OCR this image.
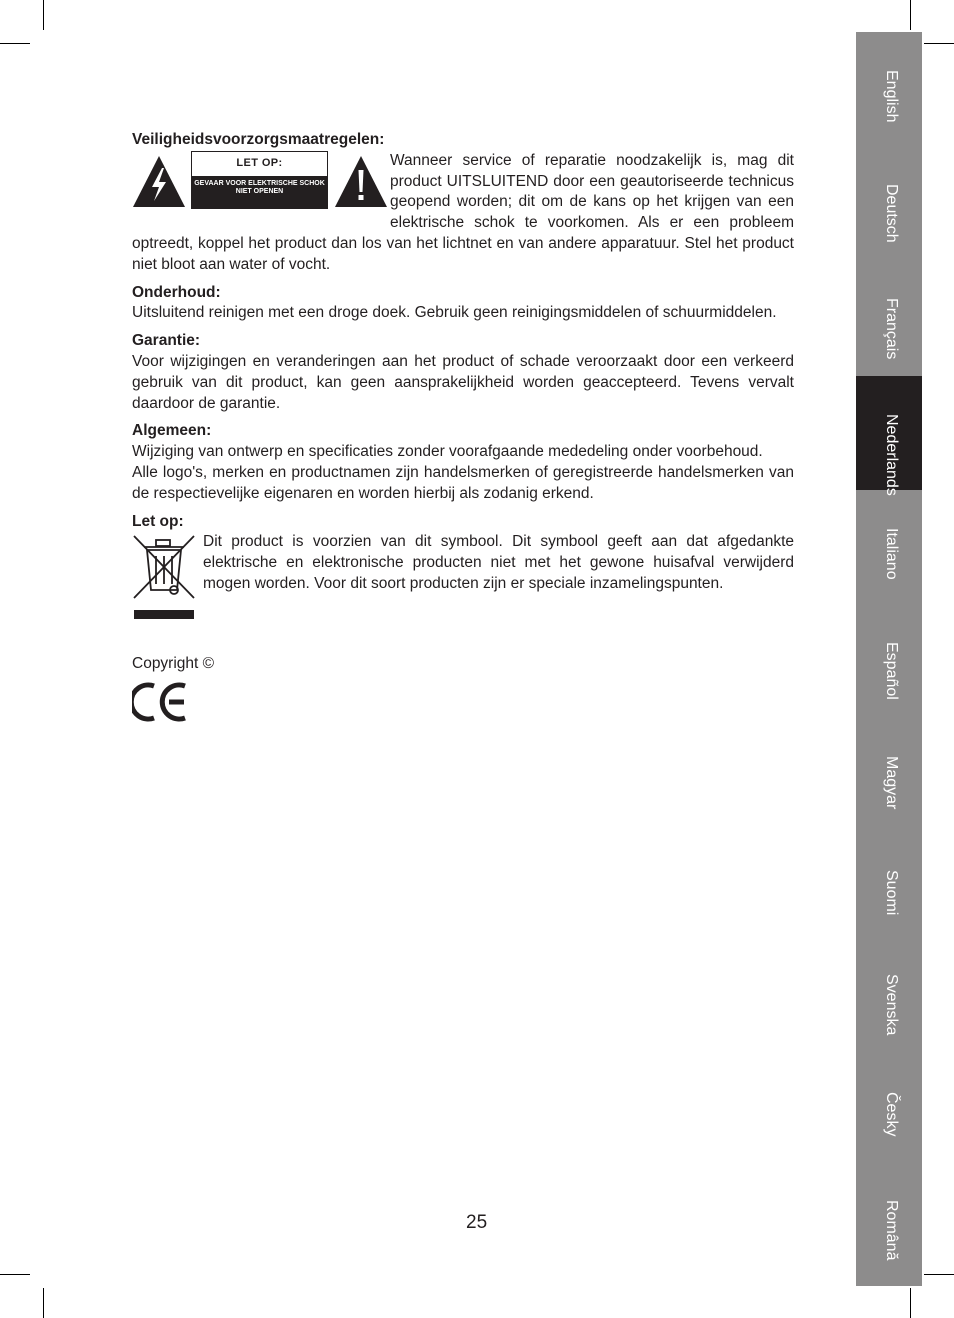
Veiligheidsvoorzorgsmaatregelen:

LET OP:
GEVAAR VOOR ELEKTRISCHE SCHOK NIET OPENEN

Wanneer service of reparatie noodzakelijk is, mag dit product UITSLUITEND door een geautoriseerde technicus geopend worden; dit om de kans op het krijgen van een elektrische schok te voorkomen. Als er een probleem optreedt, koppel het product dan los van het lichtnet en van andere apparatuur. Stel het product niet bloot aan water of vocht.

Onderhoud:

Uitsluitend reinigen met een droge doek. Gebruik geen reinigingsmiddelen of schuurmiddelen.

Garantie:

Voor wijzigingen en veranderingen aan het product of schade veroorzaakt door een verkeerd gebruik van dit product, kan geen aansprakelijkheid worden geaccepteerd. Tevens vervalt daardoor de garantie.

Algemeen:

Wijziging van ontwerp en specificaties zonder voorafgaande mededeling onder voorbehoud.

Alle logo's, merken en productnamen zijn handelsmerken of geregistreerde handelsmerken van de respectievelijke eigenaren en worden hierbij als zodanig erkend.

Let op:

Dit product is voorzien van dit symbool. Dit symbool geeft aan dat afgedankte elektrische en elektronische producten niet met het gewone huisafval verwijderd mogen worden. Voor dit soort producten zijn er speciale inzamelingspunten.

Copyright ©

English
Deutsch
Français
Nederlands
Italiano
Español
Magyar
Suomi
Svenska
Česky
Română
25
